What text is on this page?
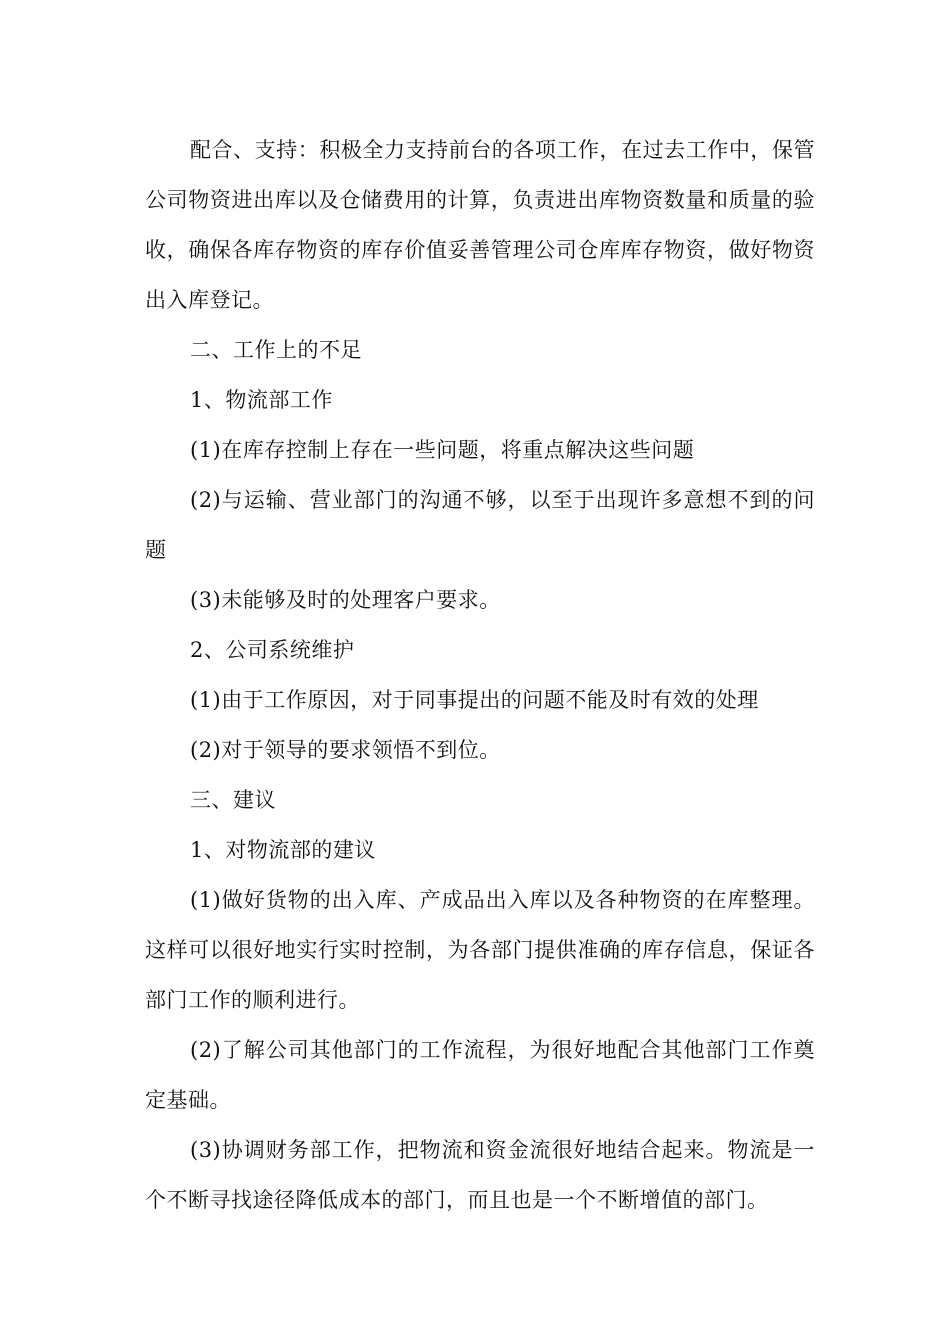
配合、支持：积极全力支持前台的各项工作，在过去工作中，保管公司物资进出库以及仓储费用的计算，负责进出库物资数量和质量的验收，确保各库存物资的库存价值妥善管理公司仓库库存物资，做好物资出入库登记。

二、工作上的不足

1、物流部工作

(1)在库存控制上存在一些问题，将重点解决这些问题

(2)与运输、营业部门的沟通不够，以至于出现许多意想不到的问题

(3)未能够及时的处理客户要求。

2、公司系统维护

(1)由于工作原因，对于同事提出的问题不能及时有效的处理

(2)对于领导的要求领悟不到位。

三、建议

1、对物流部的建议

(1)做好货物的出入库、产成品出入库以及各种物资的在库整理。这样可以很好地实行实时控制，为各部门提供准确的库存信息，保证各部门工作的顺利进行。

(2)了解公司其他部门的工作流程，为很好地配合其他部门工作奠定基础。

(3)协调财务部工作，把物流和资金流很好地结合起来。物流是一个不断寻找途径降低成本的部门，而且也是一个不断增值的部门。
